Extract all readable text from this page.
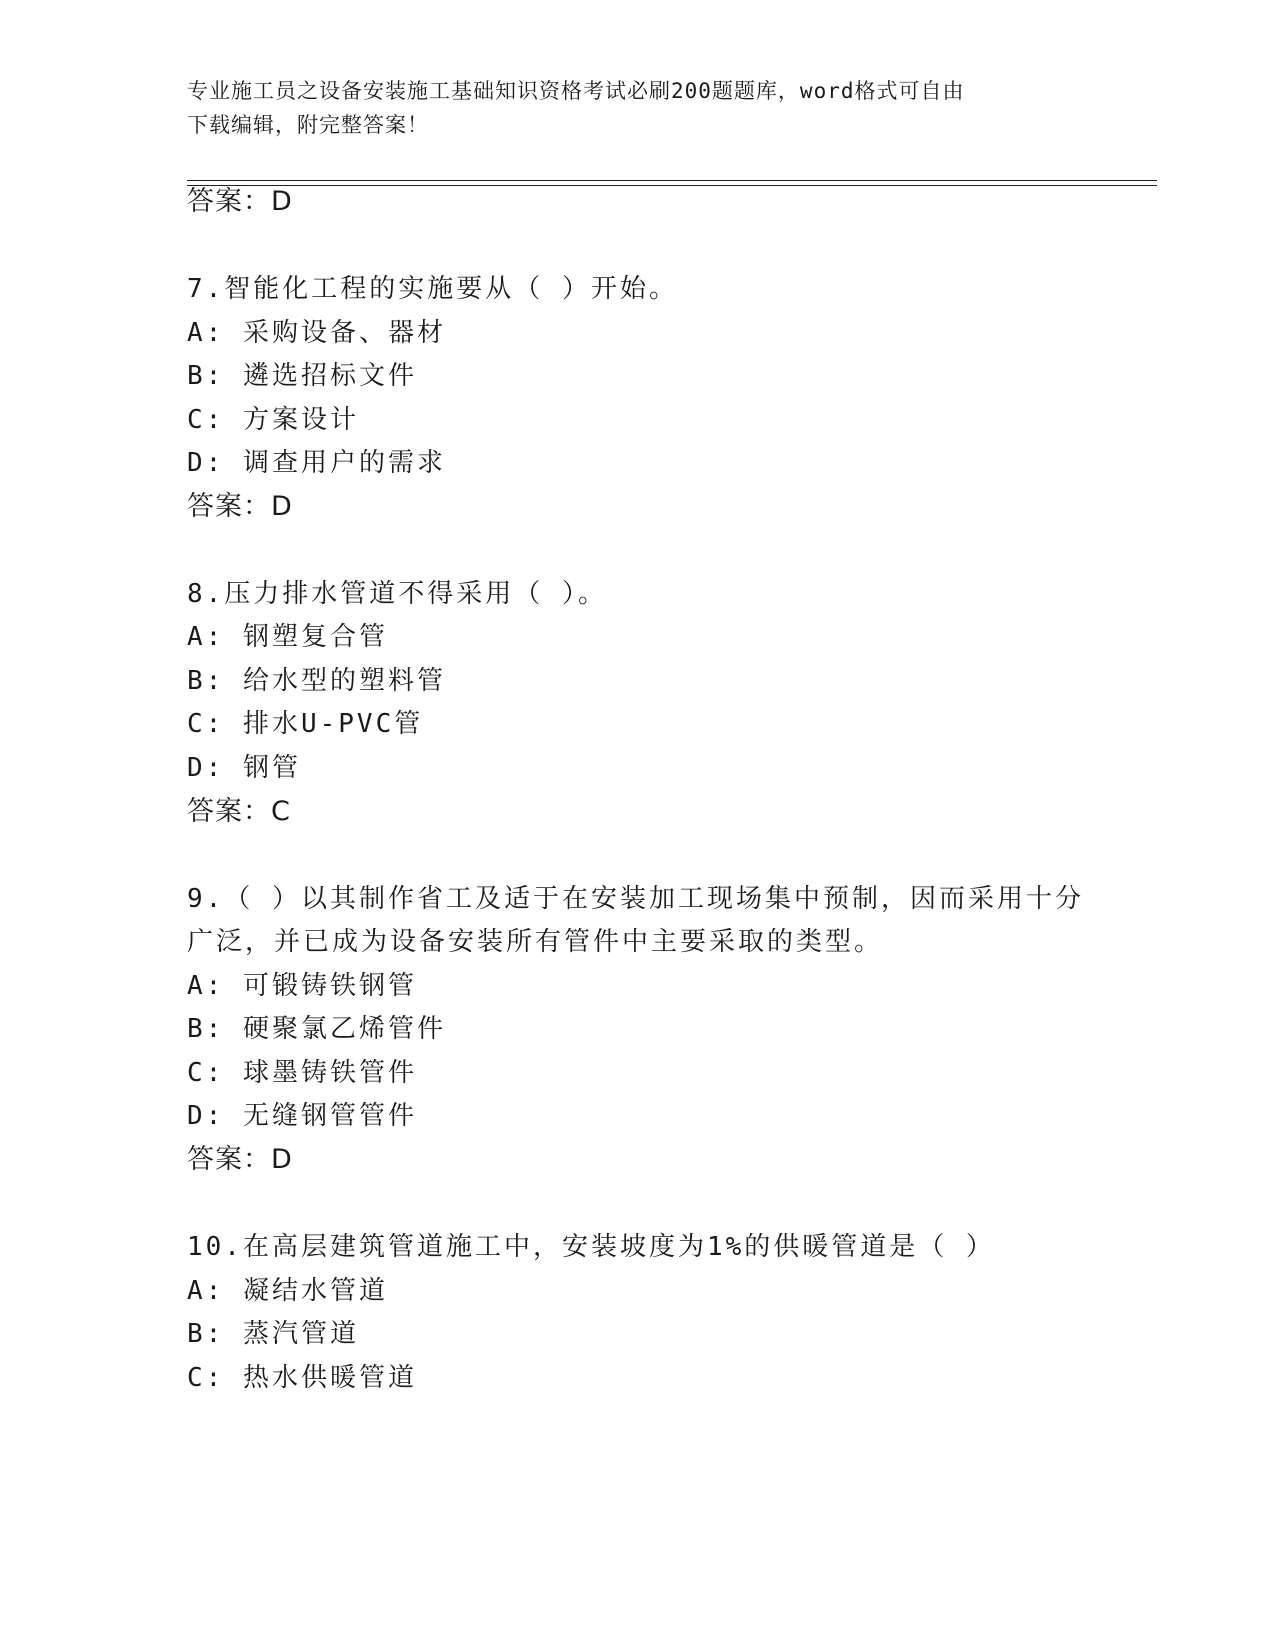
专业施工员之设备安装施工基础知识资格考试必刷200题题库，word格式可自由
下载编辑，附完整答案！

答案：D
7.智能化工程的实施要从（ ）开始。
A: 采购设备、器材
B: 遴选招标文件
C: 方案设计
D: 调查用户的需求
答案：D
8.压力排水管道不得采用（ ）。
A: 钢塑复合管
B: 给水型的塑料管
C: 排水U-PVC管
D: 钢管
答案：C
9.（ ）以其制作省工及适于在安装加工现场集中预制，因而采用十分
广泛，并已成为设备安装所有管件中主要采取的类型。
A: 可锻铸铁钢管
B: 硬聚氯乙烯管件
C: 球墨铸铁管件
D: 无缝钢管管件
答案：D
10.在高层建筑管道施工中，安装坡度为1%的供暖管道是（ ）
A: 凝结水管道
B: 蒸汽管道
C: 热水供暖管道
